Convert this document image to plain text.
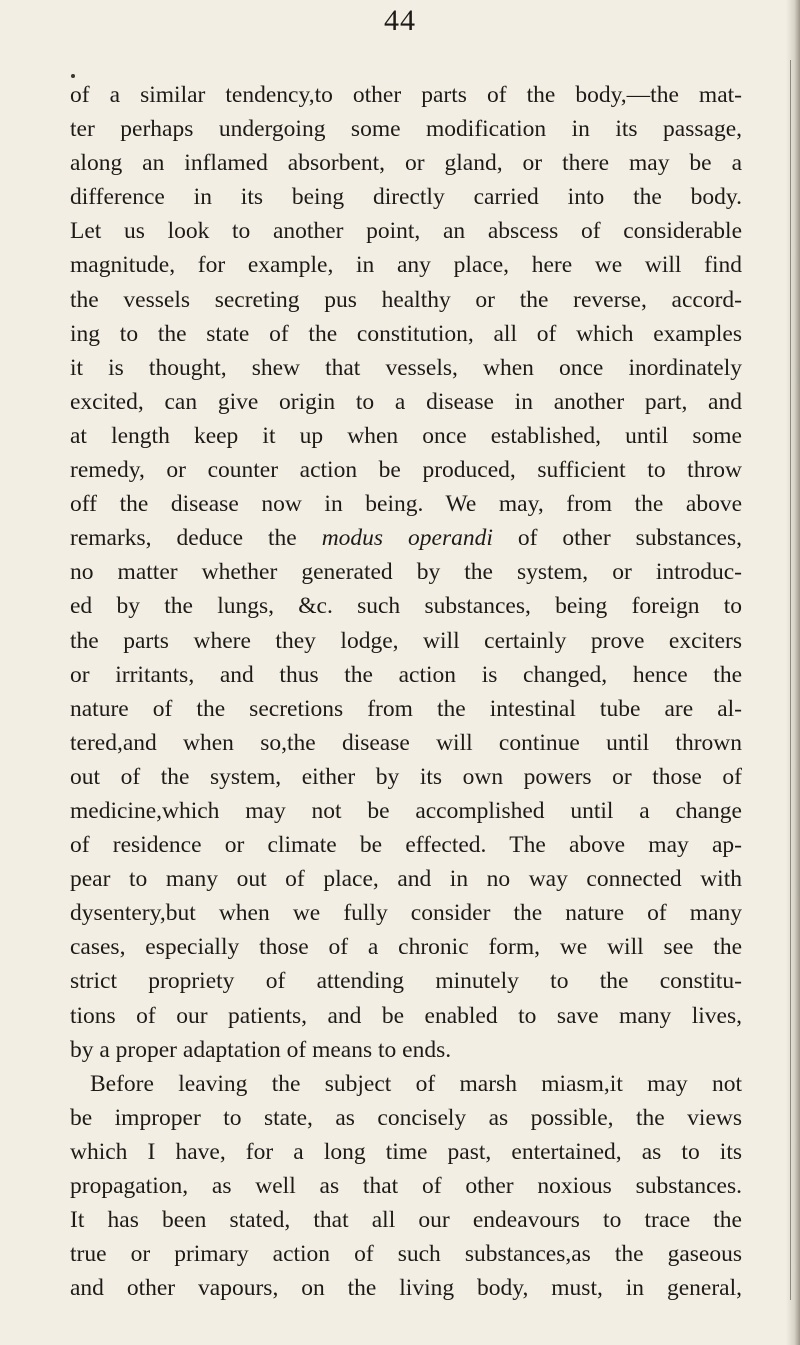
44
of a similar tendency,to other parts of the body,—the mat-
ter perhaps undergoing some modification in its passage,
along an inflamed absorbent, or gland, or there may be a
difference in its being directly carried into the body.
Let us look to another point, an abscess of considerable
magnitude, for example, in any place, here we will find
the vessels secreting pus healthy or the reverse, accord-
ing to the state of the constitution, all of which examples
it is thought, shew that vessels, when once inordinately
excited, can give origin to a disease in another part, and
at length keep it up when once established, until some
remedy, or counter action be produced, sufficient to throw
off the disease now in being. We may, from the above
remarks, deduce the modus operandi of other substances,
no matter whether generated by the system, or introduc-
ed by the lungs, &c. such substances, being foreign to
the parts where they lodge, will certainly prove exciters
or irritants, and thus the action is changed, hence the
nature of the secretions from the intestinal tube are al-
tered,and when so,the disease will continue until thrown
out of the system, either by its own powers or those of
medicine,which may not be accomplished until a change
of residence or climate be effected. The above may ap-
pear to many out of place, and in no way connected with
dysentery,but when we fully consider the nature of many
cases, especially those of a chronic form, we will see the
strict propriety of attending minutely to the constitu-
tions of our patients, and be enabled to save many lives,
by a proper adaptation of means to ends.
Before leaving the subject of marsh miasm,it may not
be improper to state, as concisely as possible, the views
which I have, for a long time past, entertained, as to its
propagation, as well as that of other noxious substances.
It has been stated, that all our endeavours to trace the
true or primary action of such substances,as the gaseous
and other vapours, on the living body, must, in general,
